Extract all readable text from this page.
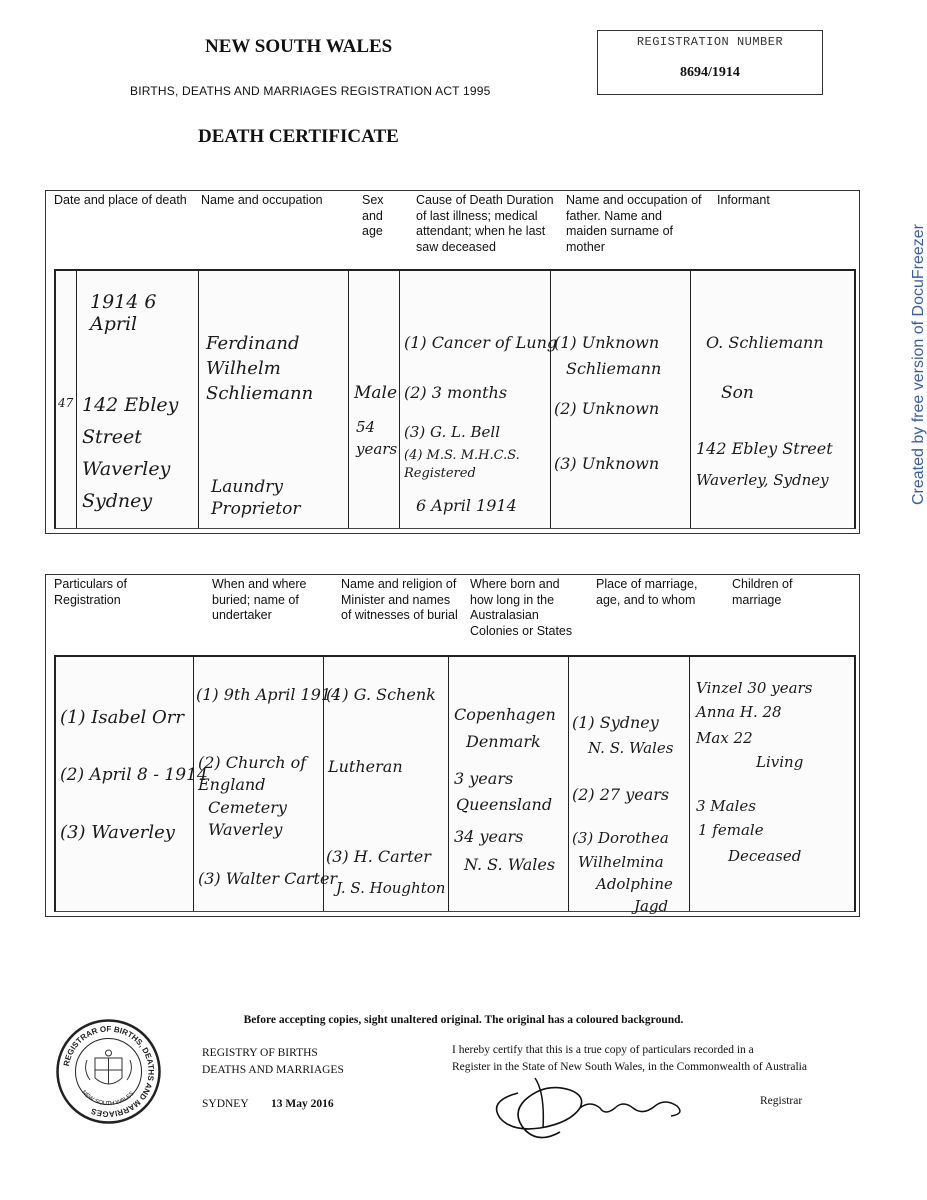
NEW SOUTH WALES
BIRTHS, DEATHS AND MARRIAGES REGISTRATION ACT 1995
DEATH CERTIFICATE
REGISTRATION NUMBER
8694/1914
Created by free version of DocuFreezer
Date and place of death	Name and occupation	Sex and age
Cause of Death Duration of last illness; medical attendant; when he last saw deceased
Name and occupation of father. Name and maiden surname of mother
Informant
47
1914 6 April
142 Ebley Street Waverley Sydney
Ferdinand Wilhelm Schliemann
Laundry Proprietor
Male
54 years
(1) Cancer of Lung
(2) 3 months
(3) G. L. Bell
(4) M.S. M.H.C.S. Registered
6 April 1914
(1) Unknown
Schliemann
(2) Unknown
(3) Unknown
O. Schliemann
Son
142 Ebley Street
Waverley, Sydney
Particulars of Registration
When and where buried; name of undertaker
Name and religion of Minister and names of witnesses of burial
Where born and how long in the Australasian Colonies or States
Place of marriage, age, and to whom
Children of marriage
(1) Isabel Orr
(2) April 8 - 1914
(3) Waverley
(1) 9th April 1914
(2) Church of England
Cemetery Waverley
(3) Walter Carter
(1) G. Schenk
Lutheran
(3) H. Carter
J. S. Houghton
Copenhagen
Denmark
3 years
Queensland
34 years
N. S. Wales
(1) Sydney
N. S. Wales
(2) 27 years
(3) Dorothea
Wilhelmina
Adolphine
Jagd
Vinzel 30 years
Anna H. 28
Max 22
Living
3 Males
1 female
Deceased
Before accepting copies, sight unaltered original. The original has a coloured background.
REGISTRAR OF BIRTHS, DEATHS AND MARRIAGES
NEW SOUTH WALES
REGISTRY OF BIRTHS
DEATHS AND MARRIAGES
SYDNEY 13 May 2016
I hereby certify that this is a true copy of particulars recorded in a
Register in the State of New South Wales, in the Commonwealth of Australia
Registrar
